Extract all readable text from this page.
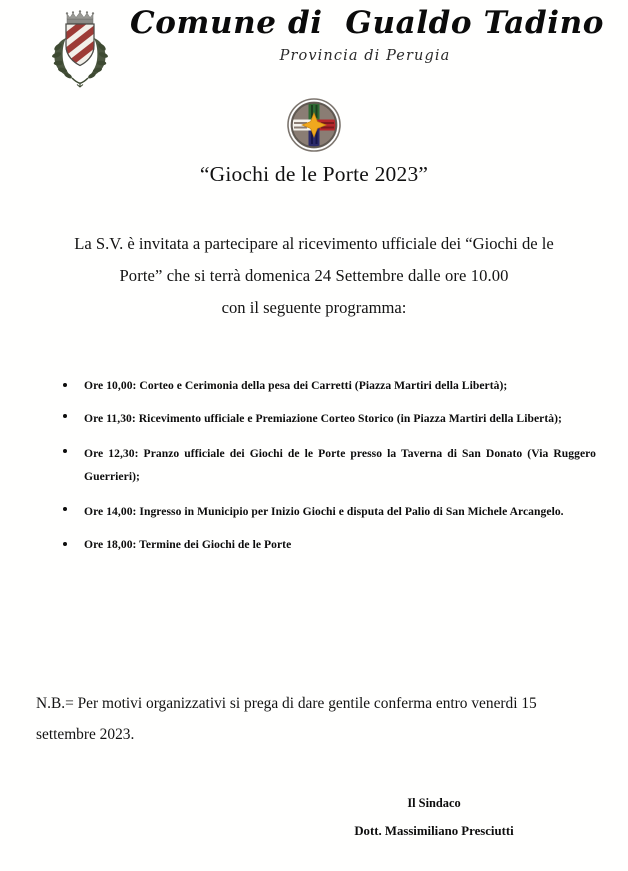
Comune di  Gualdo Tadino
Provincia di Perugia
“Giochi de le Porte 2023”
La S.V. è invitata a partecipare al ricevimento ufficiale dei “Giochi de le
Porte” che si terrà domenica 24 Settembre dalle ore 10.00
con il seguente programma:
Ore 10,00: Corteo e Cerimonia della pesa dei Carretti (Piazza Martiri della Libertà);
Ore 11,30: Ricevimento ufficiale e Premiazione Corteo Storico (in Piazza Martiri della Libertà);
Ore 12,30: Pranzo ufficiale dei Giochi de le Porte presso la Taverna di San Donato (Via Ruggero Guerrieri);
Ore 14,00: Ingresso in Municipio per Inizio Giochi e disputa del Palio di San Michele Arcangelo.
Ore 18,00: Termine dei Giochi de le Porte
N.B.= Per motivi organizzativi si prega di dare gentile conferma entro venerdi 15 settembre 2023.
Il Sindaco
Dott. Massimiliano Presciutti
